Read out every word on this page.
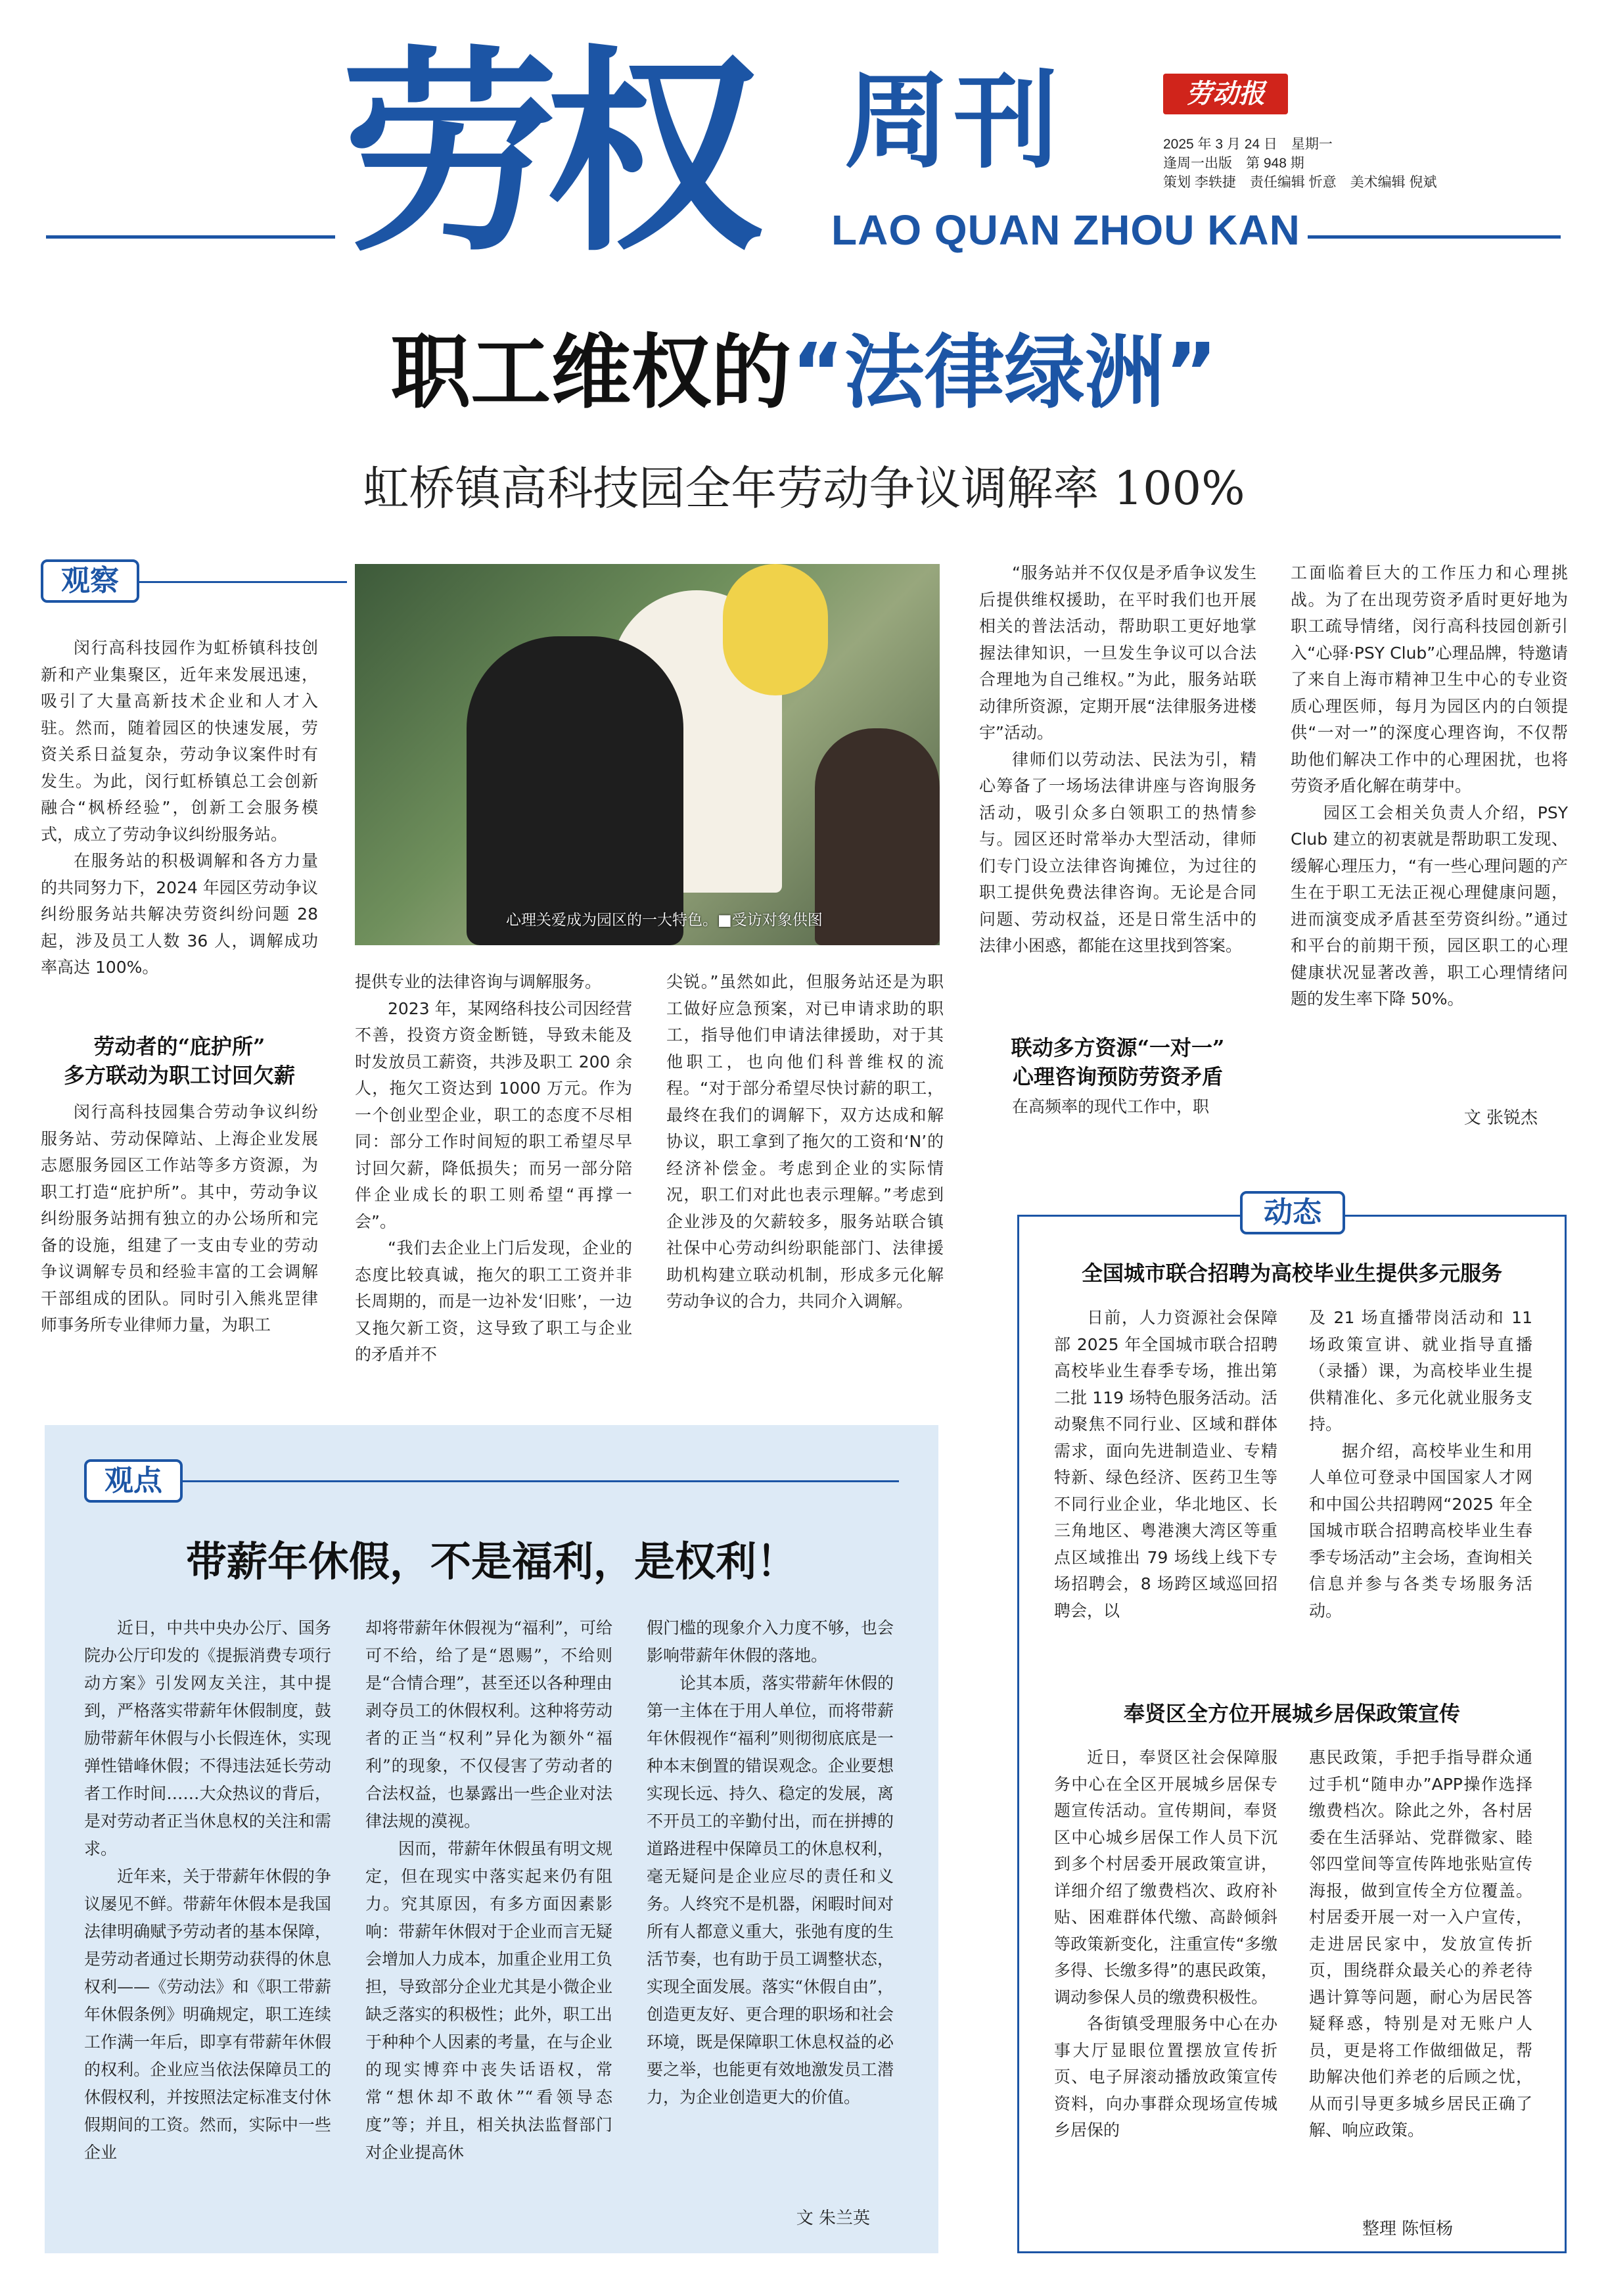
劳权 周刊
LAO QUAN ZHOU KAN
劳动报
2025 年 3 月 24 日　星期一
逢周一出版　第 948 期
策划 李轶捷　责任编辑 忻意　美术编辑 倪斌
职工维权的“法律绿洲”
虹桥镇高科技园全年劳动争议调解率 100%
观察

闵行高科技园作为虹桥镇科技创新和产业集聚区，近年来发展迅速，吸引了大量高新技术企业和人才入驻。然而，随着园区的快速发展，劳资关系日益复杂，劳动争议案件时有发生。为此，闵行虹桥镇总工会创新融合“枫桥经验”，创新工会服务模式，成立了劳动争议纠纷服务站。

在服务站的积极调解和各方力量的共同努力下，2024 年园区劳动争议纠纷服务站共解决劳资纠纷问题 28 起，涉及员工人数 36 人，调解成功率高达 100%。

劳动者的“庇护所”
多方联动为职工讨回欠薪

闵行高科技园集合劳动争议纠纷服务站、劳动保障站、上海企业发展志愿服务园区工作站等多方资源，为职工打造“庇护所”。其中，劳动争议纠纷服务站拥有独立的办公场所和完备的设施，组建了一支由专业的劳动争议调解专员和经验丰富的工会调解干部组成的团队。同时引入熊兆罡律师事务所专业律师力量，为职工

心理关爱成为园区的一大特色。■受访对象供图

提供专业的法律咨询与调解服务。

2023 年，某网络科技公司因经营不善，投资方资金断链，导致未能及时发放员工薪资，共涉及职工 200 余人，拖欠工资达到 1000 万元。作为一个创业型企业，职工的态度不尽相同：部分工作时间短的职工希望尽早讨回欠薪，降低损失；而另一部分陪伴企业成长的职工则希望“再撑一会”。

“我们去企业上门后发现，企业的态度比较真诚，拖欠的职工工资并非长周期的，而是一边补发‘旧账’，一边又拖欠新工资，这导致了职工与企业的矛盾并不

尖锐。”虽然如此，但服务站还是为职工做好应急预案，对已申请求助的职工，指导他们申请法律援助，对于其他职工，也向他们科普维权的流程。“对于部分希望尽快讨薪的职工，最终在我们的调解下，双方达成和解协议，职工拿到了拖欠的工资和‘N’的经济补偿金。考虑到企业的实际情况，职工们对此也表示理解。”考虑到企业涉及的欠薪较多，服务站联合镇社保中心劳动纠纷职能部门、法律援助机构建立联动机制，形成多元化解劳动争议的合力，共同介入调解。

“服务站并不仅仅是矛盾争议发生后提供维权援助，在平时我们也开展相关的普法活动，帮助职工更好地掌握法律知识，一旦发生争议可以合法合理地为自己维权。”为此，服务站联动律所资源，定期开展“法律服务进楼宇”活动。

律师们以劳动法、民法为引，精心筹备了一场场法律讲座与咨询服务活动，吸引众多白领职工的热情参与。园区还时常举办大型活动，律师们专门设立法律咨询摊位，为过往的职工提供免费法律咨询。无论是合同问题、劳动权益，还是日常生活中的法律小困惑，都能在这里找到答案。

联动多方资源“一对一”
心理咨询预防劳资矛盾

在高频率的现代工作中，职

工面临着巨大的工作压力和心理挑战。为了在出现劳资矛盾时更好地为职工疏导情绪，闵行高科技园创新引入“心驿·PSY Club”心理品牌，特邀请了来自上海市精神卫生中心的专业资质心理医师，每月为园区内的白领提供“一对一”的深度心理咨询，不仅帮助他们解决工作中的心理困扰，也将劳资矛盾化解在萌芽中。

园区工会相关负责人介绍，PSY Club 建立的初衷就是帮助职工发现、缓解心理压力，“有一些心理问题的产生在于职工无法正视心理健康问题，进而演变成矛盾甚至劳资纠纷。”通过和平台的前期干预，园区职工的心理健康状况显著改善，职工心理情绪问题的发生率下降 50%。

文 张锐杰
观点
带薪年休假，不是福利，是权利！

近日，中共中央办公厅、国务院办公厅印发的《提振消费专项行动方案》引发网友关注，其中提到，严格落实带薪年休假制度，鼓励带薪年休假与小长假连休，实现弹性错峰休假；不得违法延长劳动者工作时间……大众热议的背后，是对劳动者正当休息权的关注和需求。

近年来，关于带薪年休假的争议屡见不鲜。带薪年休假本是我国法律明确赋予劳动者的基本保障，是劳动者通过长期劳动获得的休息权利——《劳动法》和《职工带薪年休假条例》明确规定，职工连续工作满一年后，即享有带薪年休假的权利。企业应当依法保障员工的休假权利，并按照法定标准支付休假期间的工资。然而，实际中一些企业

却将带薪年休假视为“福利”，可给可不给，给了是“恩赐”，不给则是“合情合理”，甚至还以各种理由剥夺员工的休假权利。这种将劳动者的正当“权利”异化为额外“福利”的现象，不仅侵害了劳动者的合法权益，也暴露出一些企业对法律法规的漠视。

因而，带薪年休假虽有明文规定，但在现实中落实起来仍有阻力。究其原因，有多方面因素影响：带薪年休假对于企业而言无疑会增加人力成本，加重企业用工负担，导致部分企业尤其是小微企业缺乏落实的积极性；此外，职工出于种种个人因素的考量，在与企业的现实博弈中丧失话语权，常常“想休却不敢休”“看领导态度”等；并且，相关执法监督部门对企业提高休

假门槛的现象介入力度不够，也会影响带薪年休假的落地。

论其本质，落实带薪年休假的第一主体在于用人单位，而将带薪年休假视作“福利”则彻彻底底是一种本末倒置的错误观念。企业要想实现长远、持久、稳定的发展，离不开员工的辛勤付出，而在拼搏的道路进程中保障员工的休息权利，毫无疑问是企业应尽的责任和义务。人终究不是机器，闲暇时间对所有人都意义重大，张弛有度的生活节奏，也有助于员工调整状态，实现全面发展。落实“休假自由”，创造更友好、更合理的职场和社会环境，既是保障职工休息权益的必要之举，也能更有效地激发员工潜力，为企业创造更大的价值。

文 朱兰英
动态
全国城市联合招聘为高校毕业生提供多元服务

日前，人力资源社会保障部 2025 年全国城市联合招聘高校毕业生春季专场，推出第二批 119 场特色服务活动。活动聚焦不同行业、区域和群体需求，面向先进制造业、专精特新、绿色经济、医药卫生等不同行业企业，华北地区、长三角地区、粤港澳大湾区等重点区域推出 79 场线上线下专场招聘会，8 场跨区域巡回招聘会，以

及 21 场直播带岗活动和 11 场政策宣讲、就业指导直播（录播）课，为高校毕业生提供精准化、多元化就业服务支持。

据介绍，高校毕业生和用人单位可登录中国国家人才网和中国公共招聘网“2025 年全国城市联合招聘高校毕业生春季专场活动”主会场，查询相关信息并参与各类专场服务活动。

奉贤区全方位开展城乡居保政策宣传

近日，奉贤区社会保障服务中心在全区开展城乡居保专题宣传活动。宣传期间，奉贤区中心城乡居保工作人员下沉到多个村居委开展政策宣讲，详细介绍了缴费档次、政府补贴、困难群体代缴、高龄倾斜等政策新变化，注重宣传“多缴多得、长缴多得”的惠民政策，调动参保人员的缴费积极性。

各街镇受理服务中心在办事大厅显眼位置摆放宣传折页、电子屏滚动播放政策宣传资料，向办事群众现场宣传城乡居保的

惠民政策，手把手指导群众通过手机“随申办”APP操作选择缴费档次。除此之外，各村居委在生活驿站、党群微家、睦邻四堂间等宣传阵地张贴宣传海报，做到宣传全方位覆盖。村居委开展一对一入户宣传，走进居民家中，发放宣传折页，围绕群众最关心的养老待遇计算等问题，耐心为居民答疑释惑，特别是对无账户人员，更是将工作做细做足，帮助解决他们养老的后顾之忧，从而引导更多城乡居民正确了解、响应政策。

整理 陈恒杨
